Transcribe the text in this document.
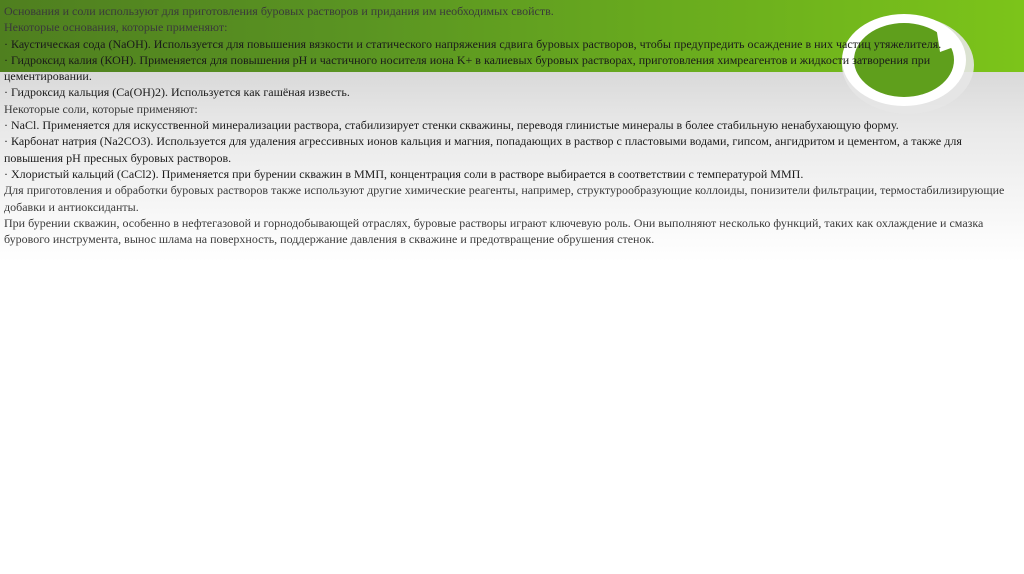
Основания и соли используют для приготовления буровых растворов и придания им необходимых свойств.

Некоторые основания, которые применяют:

· Каустическая сода (NaOH). Используется для повышения вязкости и статического напряжения сдвига буровых растворов, чтобы предупредить осаждение в них частиц утяжелителя.

· Гидроксид калия (КОН). Применяется для повышения pH и частичного носителя иона K+ в калиевых буровых растворах, приготовления химреагентов и жидкости затворения при цементировании.

· Гидроксид кальция (Ca(OH)2). Используется как гашёная известь.

Некоторые соли, которые применяют:

· NaCl. Применяется для искусственной минерализации раствора, стабилизирует стенки скважины, переводя глинистые минералы в более стабильную ненабухающую форму.

· Карбонат натрия (Na2CO3). Используется для удаления агрессивных ионов кальция и магния, попадающих в раствор с пластовыми водами, гипсом, ангидритом и цементом, а также для повышения pH пресных буровых растворов.

· Хлористый кальций (CaCl2). Применяется при бурении скважин в ММП, концентрация соли в растворе выбирается в соответствии с температурой ММП.

Для приготовления и обработки буровых растворов также используют другие химические реагенты, например, структурообразующие коллоиды, понизители фильтрации, термостабилизирующие добавки и антиоксиданты.

При бурении скважин, особенно в нефтегазовой и горнодобывающей отраслях, буровые растворы играют ключевую роль. Они выполняют несколько функций, таких как охлаждение и смазка бурового инструмента, вынос шлама на поверхность, поддержание давления в скважине и предотвращение обрушения стенок.
